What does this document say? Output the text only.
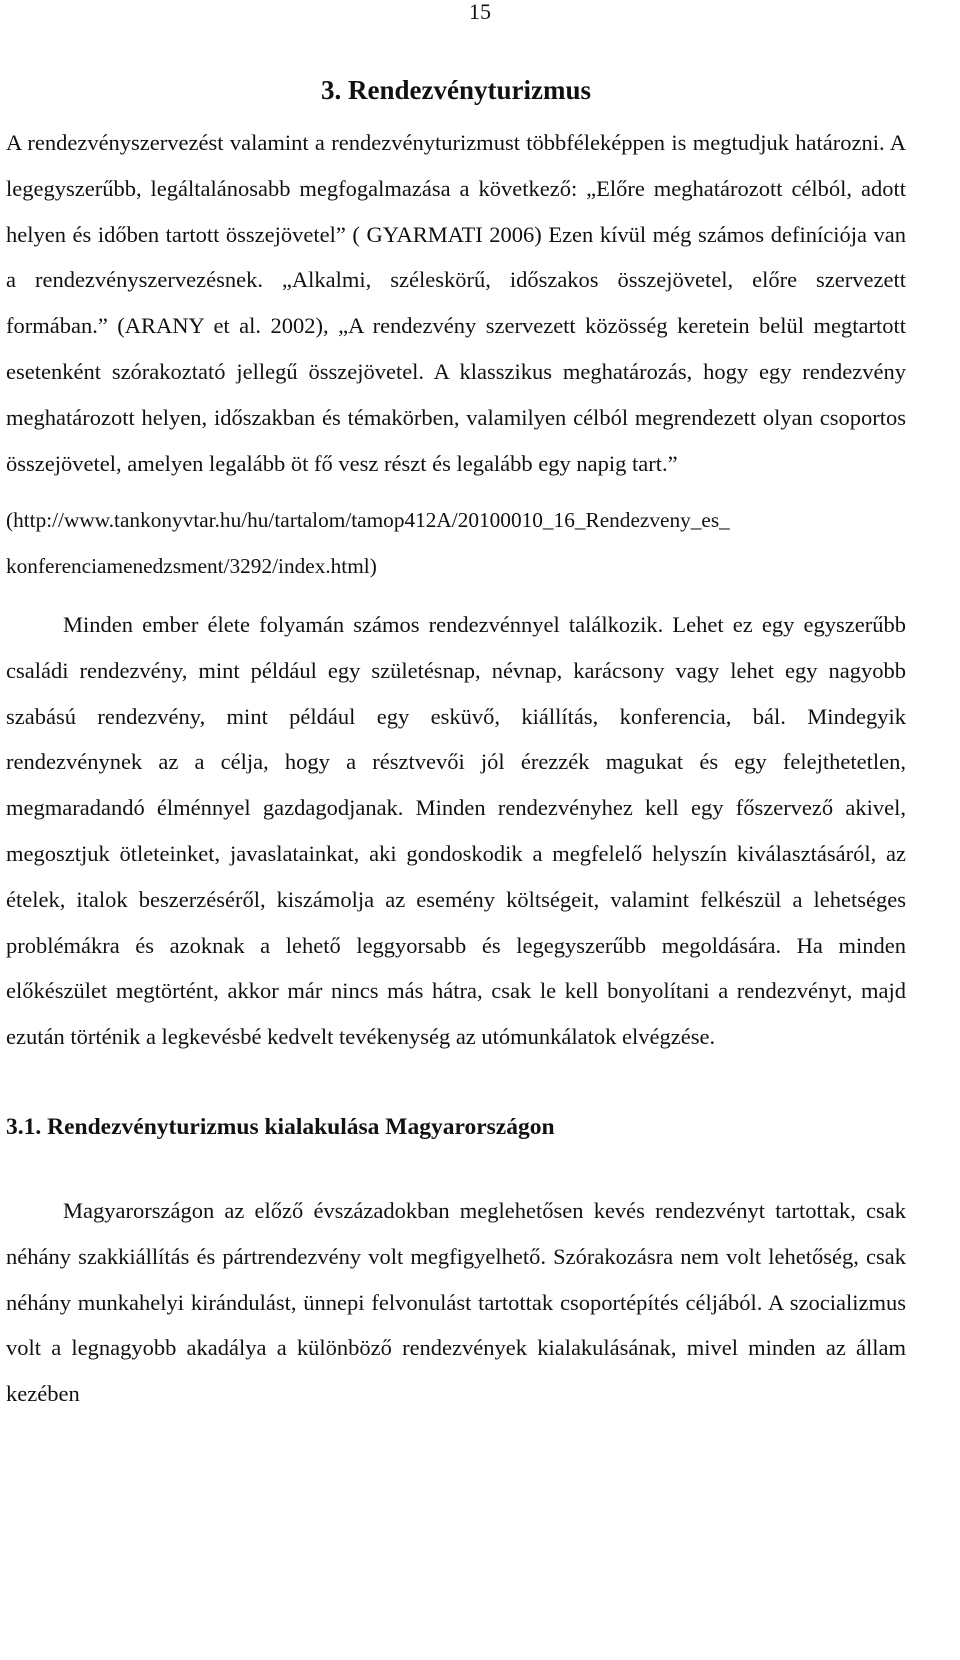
15
3. Rendezvényturizmus

A rendezvényszervezést valamint a rendezvényturizmust többféleképpen is megtudjuk határozni. A legegyszerűbb, legáltalánosabb megfogalmazása a következő: „Előre meghatározott célból, adott helyen és időben tartott összejövetel” ( GYARMATI 2006) Ezen kívül még számos definíciója van a rendezvényszervezésnek. „Alkalmi, széleskörű, időszakos összejövetel, előre szervezett formában.” (ARANY et al. 2002), „A rendezvény szervezett közösség keretein belül megtartott esetenként szórakoztató jellegű összejövetel. A klasszikus meghatározás, hogy egy rendezvény meghatározott helyen, időszakban és témakörben, valamilyen célból megrendezett olyan csoportos összejövetel, amelyen legalább öt fő vesz részt és legalább egy napig tart.”

(http://www.tankonyvtar.hu/hu/tartalom/tamop412A/20100010_16_Rendezveny_es_

konferenciamenedzsment/3292/index.html)

Minden ember élete folyamán számos rendezvénnyel találkozik. Lehet ez egy egyszerűbb családi rendezvény, mint például egy születésnap, névnap, karácsony vagy lehet egy nagyobb szabású rendezvény, mint például egy esküvő, kiállítás, konferencia, bál. Mindegyik rendezvénynek az a célja, hogy a résztvevői jól érezzék magukat és egy felejthetetlen, megmaradandó élménnyel gazdagodjanak. Minden rendezvényhez kell egy főszervező akivel, megosztjuk ötleteinket, javaslatainkat, aki gondoskodik a megfelelő helyszín kiválasztásáról, az ételek, italok beszerzéséről, kiszámolja az esemény költségeit, valamint felkészül a lehetséges problémákra és azoknak a lehető leggyorsabb és legegyszerűbb megoldására. Ha minden előkészület megtörtént, akkor már nincs más hátra, csak le kell bonyolítani a rendezvényt, majd ezután történik a legkevésbé kedvelt tevékenység az utómunkálatok elvégzése.

3.1. Rendezvényturizmus kialakulása Magyarországon

Magyarországon az előző évszázadokban meglehetősen kevés rendezvényt tartottak, csak néhány szakkiállítás és pártrendezvény volt megfigyelhető. Szórakozásra nem volt lehetőség, csak néhány munkahelyi kirándulást, ünnepi felvonulást tartottak csoportépítés céljából. A szocializmus volt a legnagyobb akadálya a különböző rendezvények kialakulásának, mivel minden az állam kezében
